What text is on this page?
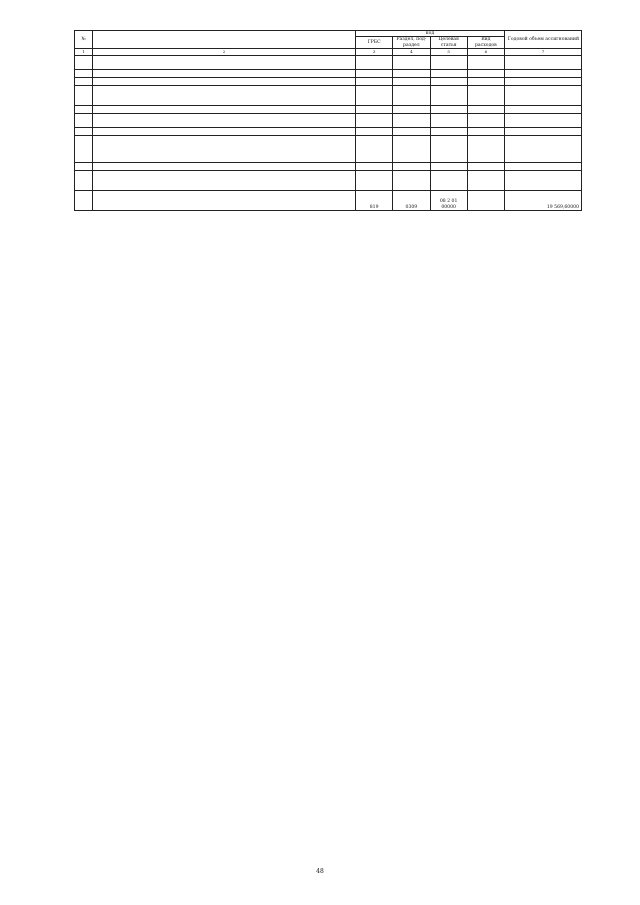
№		код				Годовой объем ассигнований
		ГРБС	Раздел, под-раздел	Целевая статья	Вид расходов	
1	2	3	4	5	6	7

		819	0309	08 2 01 00000		19 569,60000
48
